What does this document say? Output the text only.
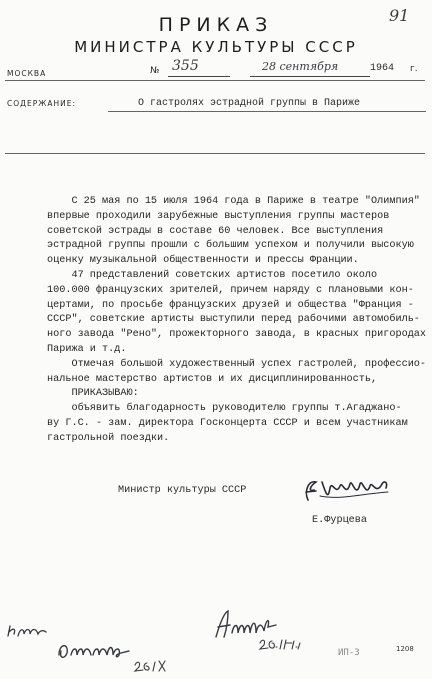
91
ПРИКАЗ
МИНИСТРА КУЛЬТУРЫ СССР
МОСКВА	№ 355	28 сентября	1964 г.
СОДЕРЖАНИЕ:	О гастролях эстрадной группы в Париже

С 25 мая по 15 июля 1964 года в Париже в театре "Олимпия"

впервые проходили зарубежные выступления группы мастеров

советской эстрады в составе 60 человек. Все выступления

эстрадной группы прошли с большим успехом и получили высокую

оценку музыкальной общественности и прессы Франции.

47 представлений советских артистов посетило около

100.000 французских зрителей, причем наряду с плановыми кон-

цертами, по просьбе французских друзей и общества "Франция -

СССР", советские артисты выступили перед рабочими автомобиль-

ного завода "Рено", прожекторного завода, в красных пригородах

Парижа и т.д.

Отмечая большой художественный успех гастролей, профессио-

нальное мастерство артистов и их дисциплинированность,

ПРИКАЗЫВАЮ:

объявить благодарность руководителю группы т.Агаджано-

ву Г.С. - зам. директора Госконцерта СССР и всем участникам

гастрольной поездки.

Министр культуры СССР
Е.Фурцева
ИП-3	1208
